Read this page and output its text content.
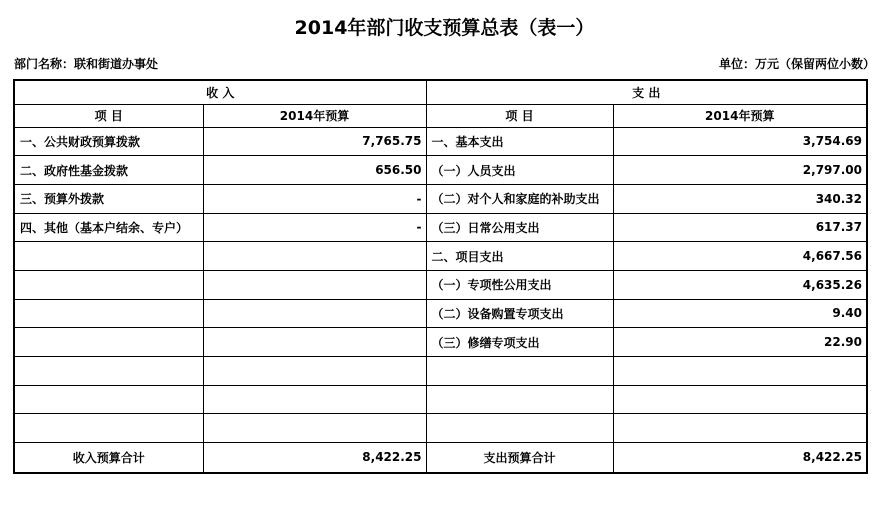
2014年部门收支预算总表（表一）
部门名称：联和街道办事处	单位：万元（保留两位小数）
收 入		支 出	
项 目	2014年预算	项 目	2014年预算
一、公共财政预算拨款	7,765.75	一、基本支出	3,754.69
二、政府性基金拨款	656.50	（一）人员支出	2,797.00
三、预算外拨款	-	（二）对个人和家庭的补助支出	340.32
四、其他（基本户结余、专户）	-	（三）日常公用支出	617.37
		二、项目支出	4,667.56
		（一）专项性公用支出	4,635.26
		（二）设备购置专项支出	9.40
		（三）修缮专项支出	22.90

收入预算合计	8,422.25	支出预算合计	8,422.25
